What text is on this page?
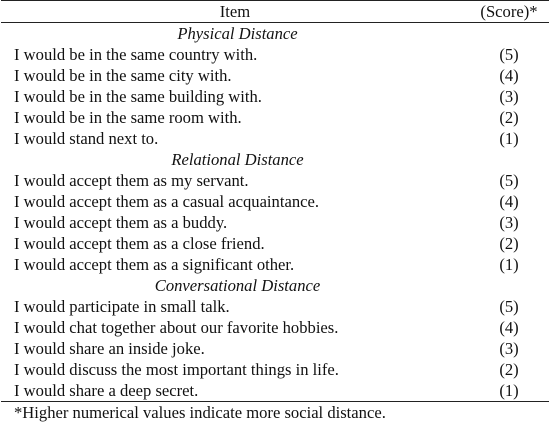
Item	(Score)*
Physical Distance
I would be in the same country with.	(5)
I would be in the same city with.	(4)
I would be in the same building with.	(3)
I would be in the same room with.	(2)
I would stand next to.	(1)
Relational Distance
I would accept them as my servant.	(5)
I would accept them as a casual acquaintance.	(4)
I would accept them as a buddy.	(3)
I would accept them as a close friend.	(2)
I would accept them as a significant other.	(1)
Conversational Distance
I would participate in small talk.	(5)
I would chat together about our favorite hobbies.	(4)
I would share an inside joke.	(3)
I would discuss the most important things in life.	(2)
I would share a deep secret.	(1)
*Higher numerical values indicate more social distance.
